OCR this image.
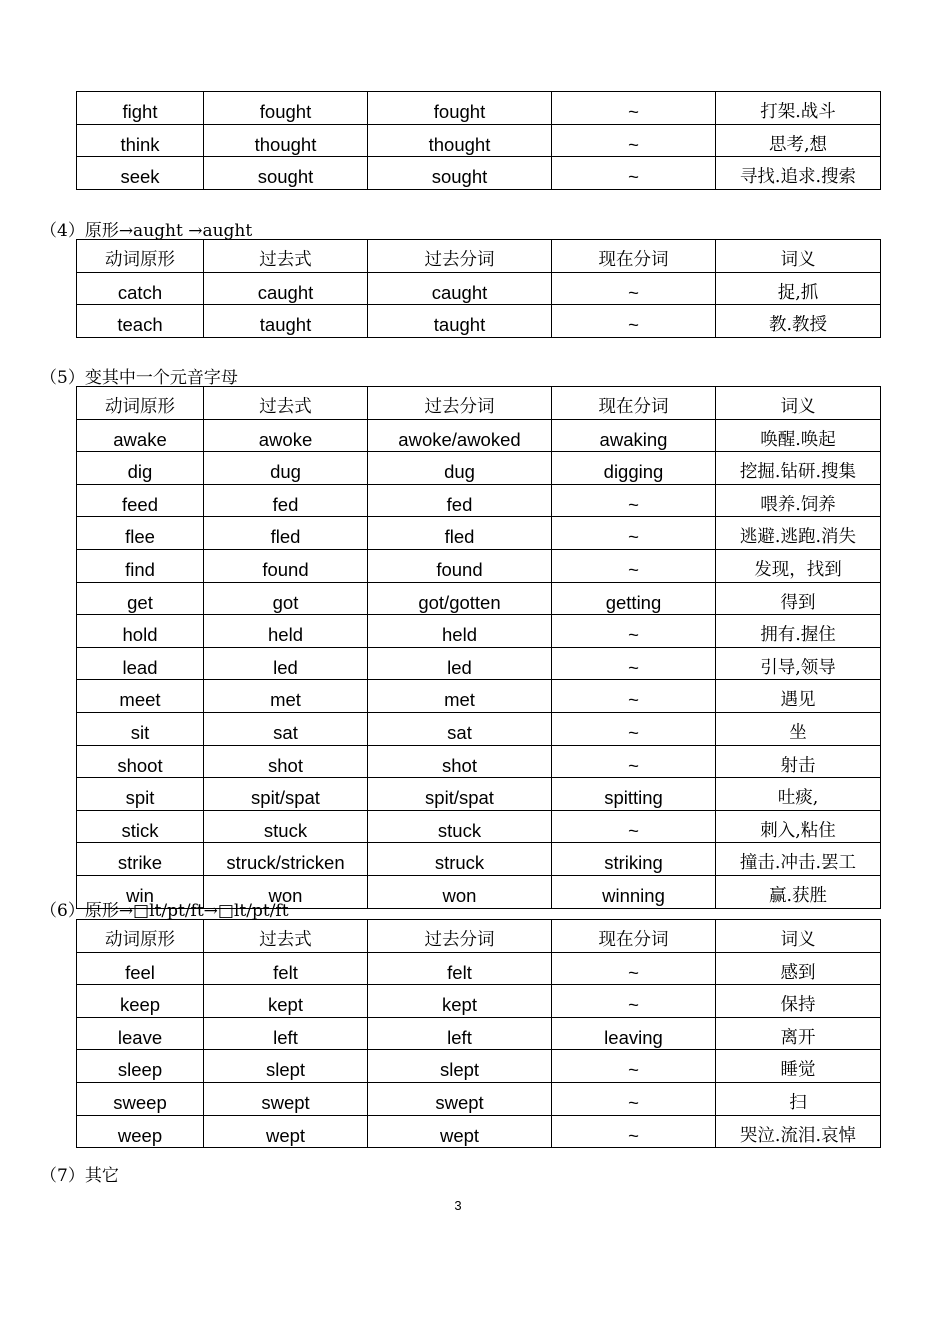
fight	fought	fought	~	打架.战斗
think	thought	thought	~	思考,想
seek	sought	sought	~	寻找.追求.搜索
（4）原形→aught →aught
动词原形	过去式	过去分词	现在分词	词义
catch	caught	caught	~	捉,抓
teach	taught	taught	~	教.教授
（5）变其中一个元音字母
动词原形	过去式	过去分词	现在分词	词义
awake	awoke	awoke/awoked	awaking	唤醒.唤起
dig	dug	dug	digging	挖掘.钻研.搜集
feed	fed	fed	~	喂养.饲养
flee	fled	fled	~	逃避.逃跑.消失
find	found	found	~	发现，找到
get	got	got/gotten	getting	得到
hold	held	held	~	拥有.握住
lead	led	led	~	引导,领导
meet	met	met	~	遇见
sit	sat	sat	~	坐
shoot	shot	shot	~	射击
spit	spit/spat	spit/spat	spitting	吐痰,
stick	stuck	stuck	~	刺入,粘住
strike	struck/stricken	struck	striking	撞击.冲击.罢工
win	won	won	winning	赢.获胜
（6）原形→□lt/pt/ft→□lt/pt/ft
动词原形	过去式	过去分词	现在分词	词义
feel	felt	felt	~	感到
keep	kept	kept	~	保持
leave	left	left	leaving	离开
sleep	slept	slept	~	睡觉
sweep	swept	swept	~	扫
weep	wept	wept	~	哭泣.流泪.哀悼
（7）其它
3
